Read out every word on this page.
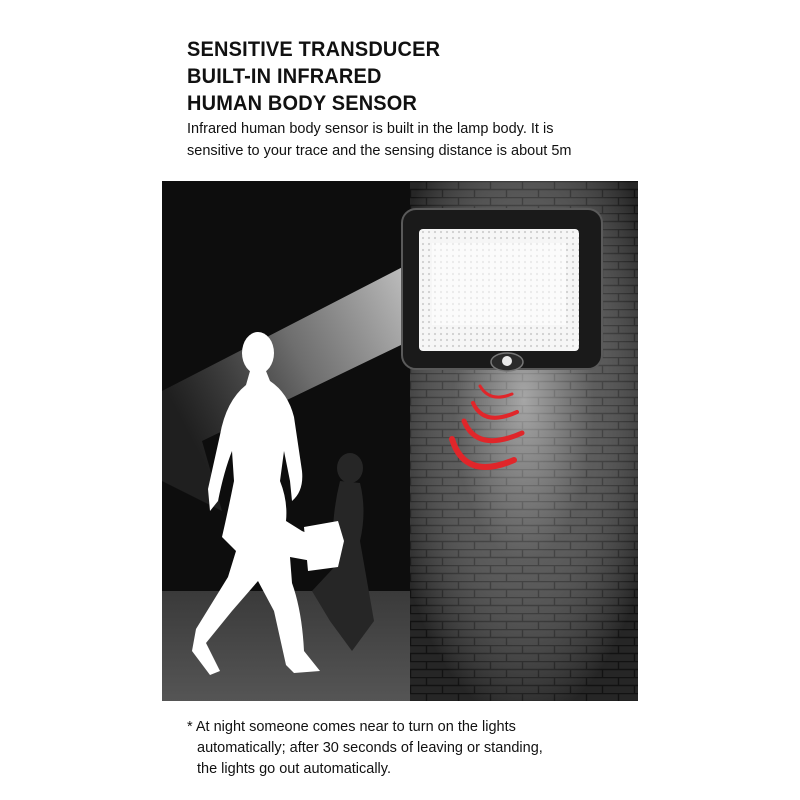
SENSITIVE TRANSDUCER
BUILT-IN INFRARED
HUMAN BODY SENSOR
Infrared human body sensor is built in the lamp body. It is
sensitive to your trace and the sensing distance is about 5m
* At night someone comes near to turn on the lights
automatically; after 30 seconds of leaving or standing,
the lights go out automatically.
